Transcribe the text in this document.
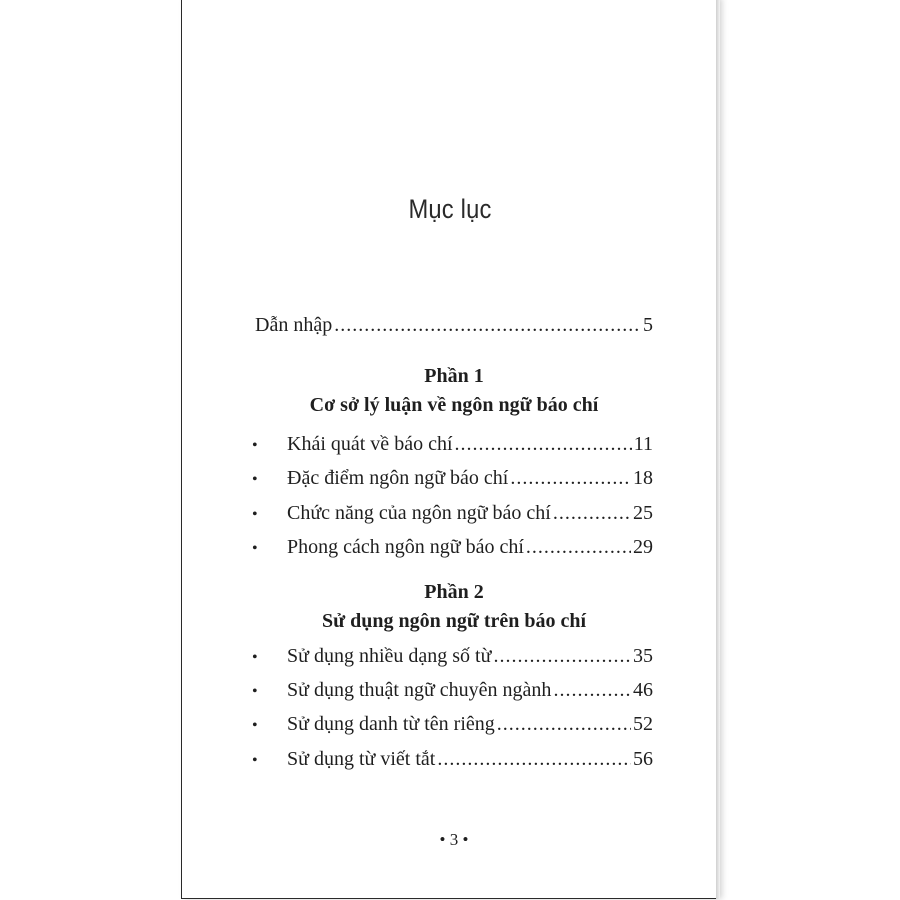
Mục lục
Dẫn nhập .....	5
Phần 1
Cơ sở lý luận về ngôn ngữ báo chí
•	Khái quát về báo chí .....	11
•	Đặc điểm ngôn ngữ báo chí .....	18
•	Chức năng của ngôn ngữ báo chí .....	25
•	Phong cách ngôn ngữ báo chí .....	29
Phần 2
Sử dụng ngôn ngữ trên báo chí
•	Sử dụng nhiều dạng số từ .....	35
•	Sử dụng thuật ngữ chuyên ngành .....	46
•	Sử dụng danh từ tên riêng .....	52
•	Sử dụng từ viết tắt .....	56
• 3 •
